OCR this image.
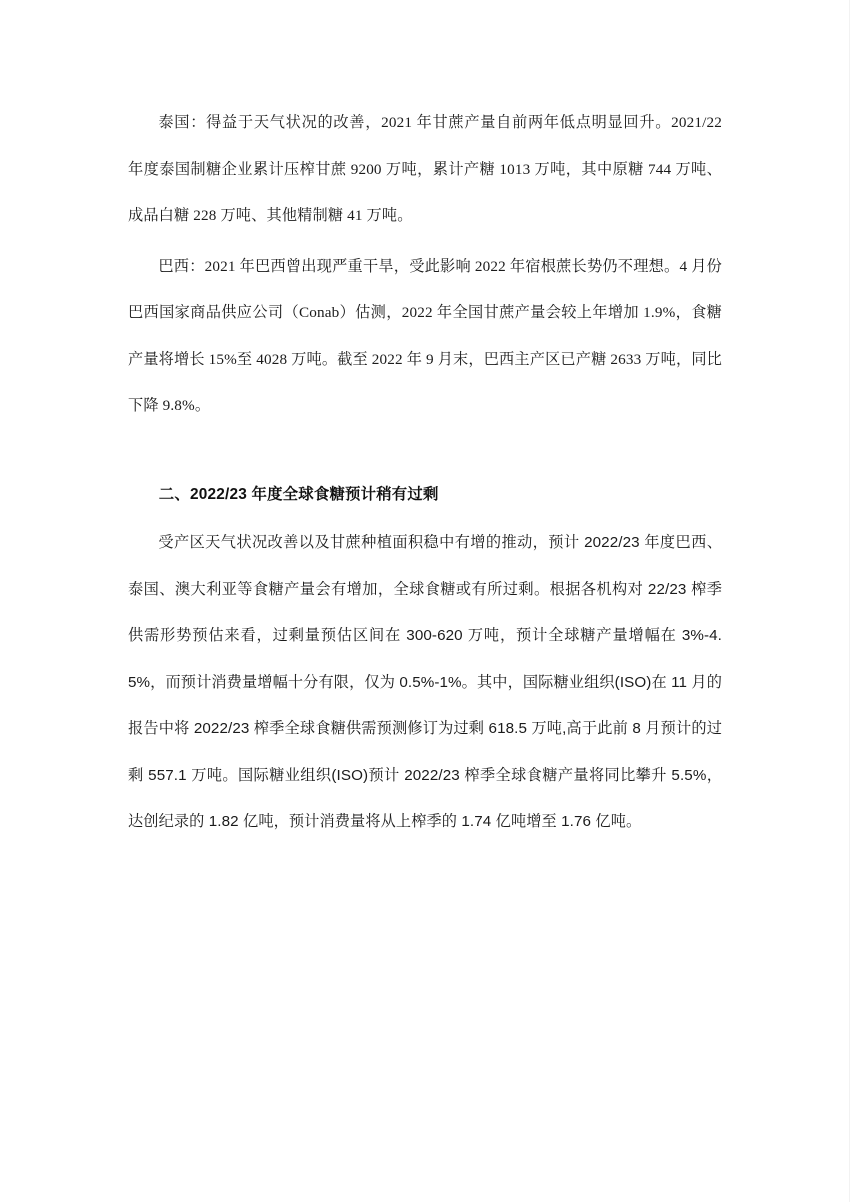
泰国：得益于天气状况的改善，2021 年甘蔗产量自前两年低点明显回升。2021/22 年度泰国制糖企业累计压榨甘蔗 9200 万吨，累计产糖 1013 万吨，其中原糖 744 万吨、成品白糖 228 万吨、其他精制糖 41 万吨。

巴西：2021 年巴西曾出现严重干旱，受此影响 2022 年宿根蔗长势仍不理想。4 月份巴西国家商品供应公司（Conab）估测，2022 年全国甘蔗产量会较上年增加 1.9%，食糖产量将增长 15%至 4028 万吨。截至 2022 年 9 月末，巴西主产区已产糖 2633 万吨，同比下降 9.8%。

二、2022/23 年度全球食糖预计稍有过剩

受产区天气状况改善以及甘蔗种植面积稳中有增的推动，预计 2022/23 年度巴西、泰国、澳大利亚等食糖产量会有增加，全球食糖或有所过剩。根据各机构对 22/23 榨季供需形势预估来看，过剩量预估区间在 300-620 万吨，预计全球糖产量增幅在 3%-4.5%，而预计消费量增幅十分有限，仅为 0.5%-1%。其中，国际糖业组织(ISO)在 11 月的报告中将 2022/23 榨季全球食糖供需预测修订为过剩 618.5 万吨,高于此前 8 月预计的过剩 557.1 万吨。国际糖业组织(ISO)预计 2022/23 榨季全球食糖产量将同比攀升 5.5%，达创纪录的 1.82 亿吨，预计消费量将从上榨季的 1.74 亿吨增至 1.76 亿吨。
